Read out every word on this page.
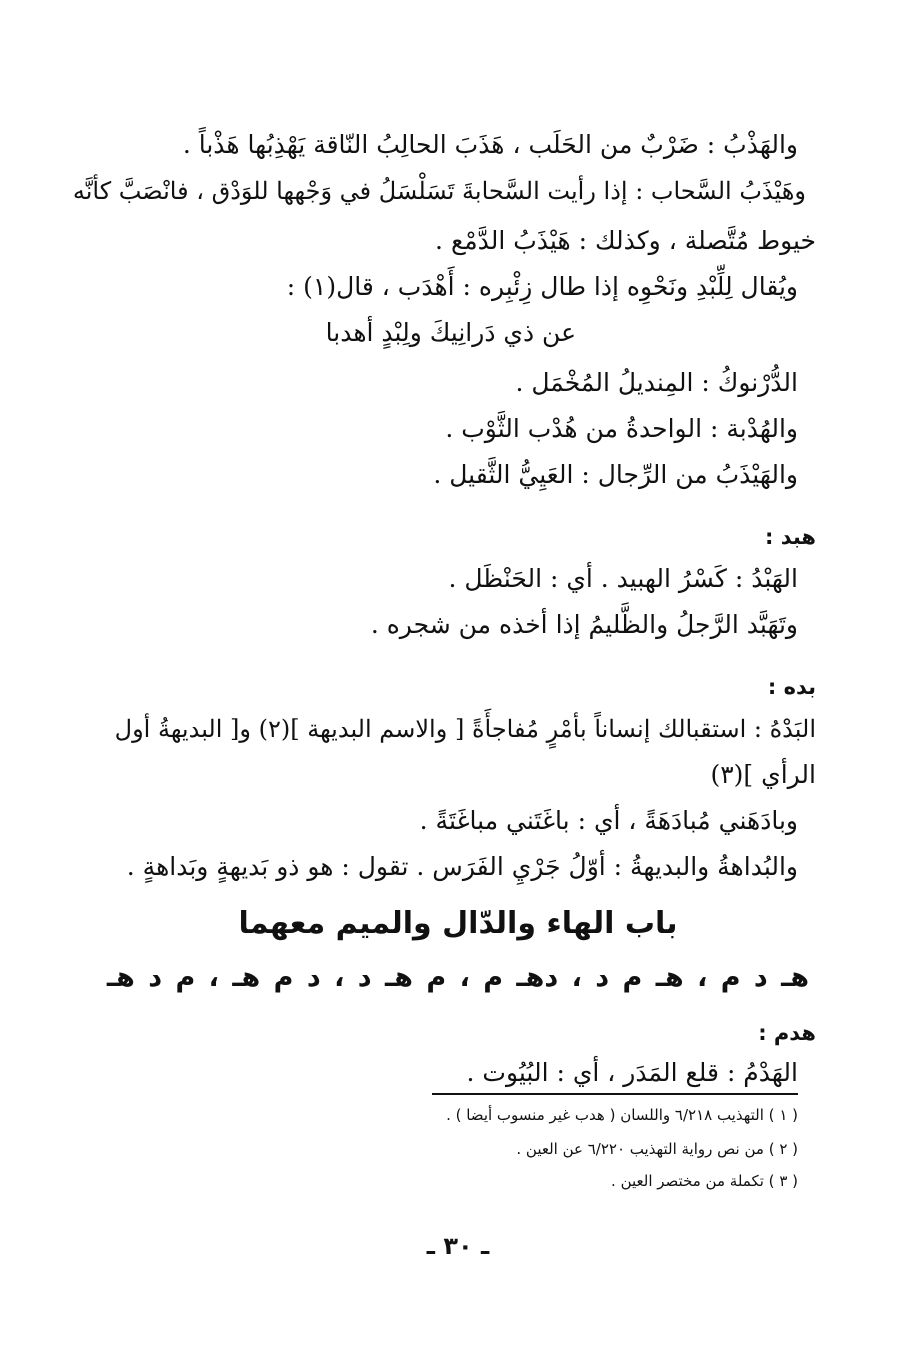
والهَذْبُ : ضَرْبٌ من الحَلَب ، هَذَبَ الحالِبُ النّاقة يَهْذِبُها هَذْباً .
وهَيْذَبُ السَّحاب : إذا رأيت السَّحابةَ تَسَلْسَلُ في وَجْهها للوَدْق ، فانْصَبَّ كأنَّه
خيوط مُتَّصلة ، وكذلك : هَيْذَبُ الدَّمْع .
ويُقال لِلِّبْدِ ونَحْوِه إذا طال زِئْبِره : أَهْدَب ، قال(١) :
عن ذي دَرانِيكَ ولِبْدٍ أهدبا
الدُّرْنوكُ : المِنديلُ المُخْمَل .
والهُدْبة : الواحدةُ من هُدْب الثَّوْب .
والهَيْذَبُ من الرِّجال : العَيِيُّ الثَّقيل .
هبد :
الهَبْدُ : كَسْرُ الهبيد . أي : الحَنْظَل .
وتَهَبَّد الرَّجلُ والظَّليمُ إذا أخذه من شجره .
بده :
البَدْهُ : استقبالك إنساناً بأمْرٍ مُفاجأَةً [ والاسم البديهة ](٢) و[ البديهةُ أول
الرأي ](٣)
وبادَهَني مُبادَهَةً ، أي : باغَتَني مباغَتَةً .
والبُداهةُ والبديهةُ : أوّلُ جَرْيِ الفَرَس . تقول : هو ذو بَديهةٍ وبَداهةٍ .
باب الهاء والدّال والميم معهما
هـ د م ، هـ م د ، دهـ م ، م هـ د ، د م هـ ، م د هـ
هدم :
الهَدْمُ : قلع المَدَر ، أي : البُيُوت .
( ١ ) التهذيب ٦/٢١٨ واللسان ( هدب غير منسوب أيضا ) .
( ٢ ) من نص رواية التهذيب ٦/٢٢٠ عن العين .
( ٣ ) تكملة من مختصر العين .
ـ ٣٠ ـ
